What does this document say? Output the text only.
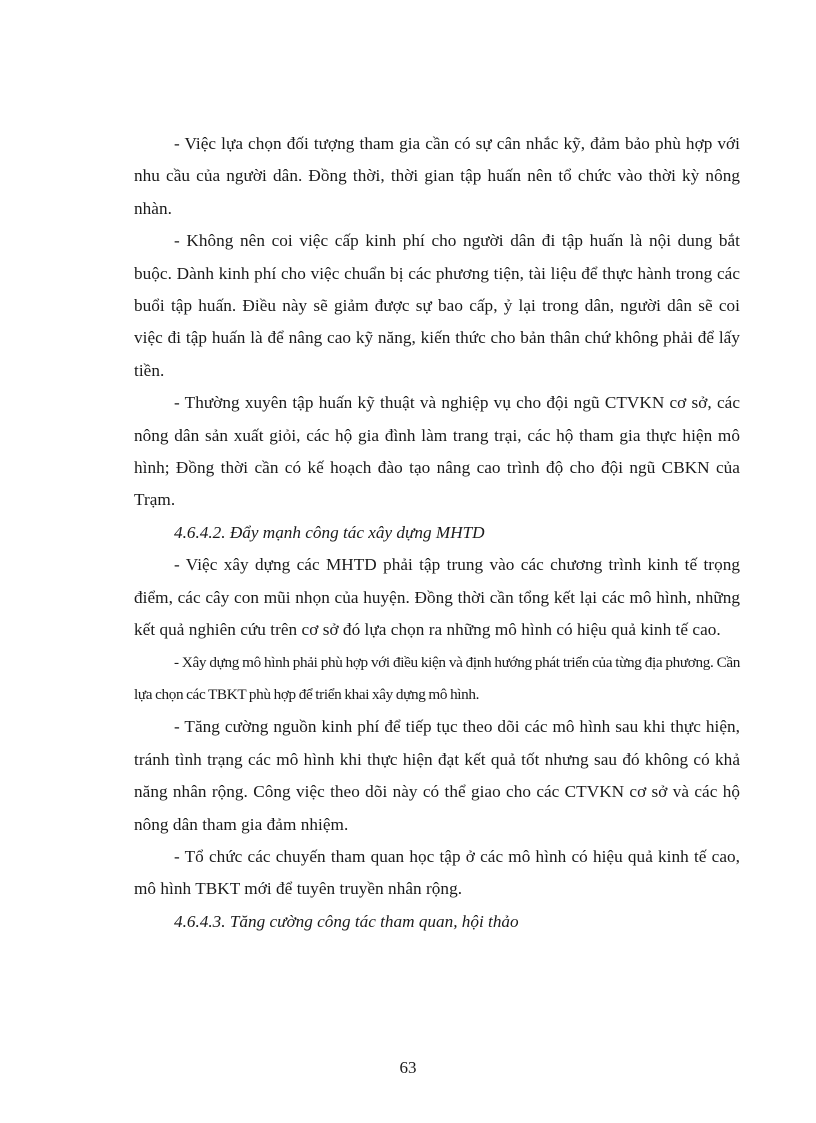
- Việc lựa chọn đối tượng tham gia cần có sự cân nhắc kỹ, đảm bảo phù hợp với nhu cầu của người dân. Đồng thời, thời gian tập huấn nên tổ chức vào thời kỳ nông nhàn.

- Không nên coi việc cấp kinh phí cho người dân đi tập huấn là nội dung bắt buộc. Dành kinh phí cho việc chuẩn bị các phương tiện, tài liệu để thực hành trong các buổi tập huấn. Điều này sẽ giảm được sự bao cấp, ỷ lại trong dân, người dân sẽ coi việc đi tập huấn là để nâng cao kỹ năng, kiến thức cho bản thân chứ không phải để lấy tiền.

- Thường xuyên tập huấn kỹ thuật và nghiệp vụ cho đội ngũ CTVKN cơ sở, các nông dân sản xuất giỏi, các hộ gia đình làm trang trại, các hộ tham gia thực hiện mô hình; Đồng thời cần có kế hoạch đào tạo nâng cao trình độ cho đội ngũ CBKN của Trạm.

4.6.4.2. Đẩy mạnh công tác xây dựng MHTD

- Việc xây dựng các MHTD phải tập trung vào các chương trình kinh tế trọng điểm, các cây con mũi nhọn của huyện. Đồng thời cần tổng kết lại các mô hình, những kết quả nghiên cứu trên cơ sở đó lựa chọn ra những mô hình có hiệu quả kinh tế cao.

- Xây dựng mô hình phải phù hợp với điều kiện và định hướng phát triển của từng địa phương. Cần lựa chọn các TBKT phù hợp để triển khai xây dựng mô hình.

- Tăng cường nguồn kinh phí để tiếp tục theo dõi các mô hình sau khi thực hiện, tránh tình trạng các mô hình khi thực hiện đạt kết quả tốt nhưng sau đó không có khả năng nhân rộng. Công việc theo dõi này có thể giao cho các CTVKN cơ sở và các hộ nông dân tham gia đảm nhiệm.

- Tổ chức các chuyến tham quan học tập ở các mô hình có hiệu quả kinh tế cao, mô hình TBKT mới để tuyên truyền nhân rộng.

4.6.4.3. Tăng cường công tác tham quan, hội thảo

63
